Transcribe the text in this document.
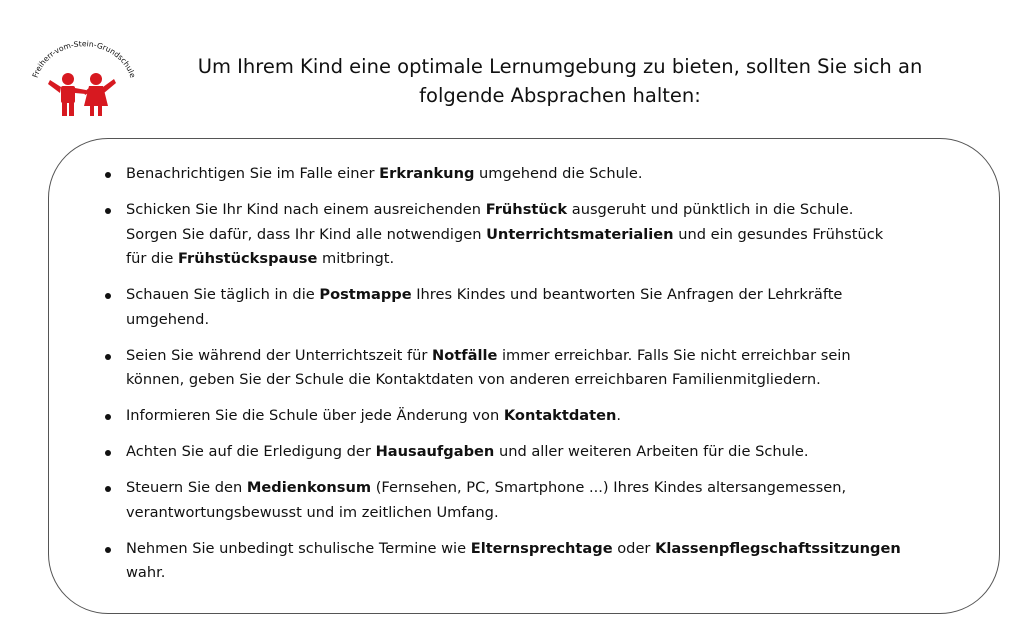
Freiherr-vom-Stein-Grundschule	Um Ihrem Kind eine optimale Lernumgebung zu bieten, sollten Sie sich an
folgende Absprachen halten:
Benachrichtigen Sie im Falle einer Erkrankung umgehend die Schule.
Schicken Sie Ihr Kind nach einem ausreichenden Frühstück ausgeruht und pünktlich in die Schule.
Sorgen Sie dafür, dass Ihr Kind alle notwendigen Unterrichtsmaterialien und ein gesundes Frühstück
für die Frühstückspause mitbringt.
Schauen Sie täglich in die Postmappe Ihres Kindes und beantworten Sie Anfragen der Lehrkräfte
umgehend.
Seien Sie während der Unterrichtszeit für Notfälle immer erreichbar. Falls Sie nicht erreichbar sein
können, geben Sie der Schule die Kontaktdaten von anderen erreichbaren Familienmitgliedern.
Informieren Sie die Schule über jede Änderung von Kontaktdaten.
Achten Sie auf die Erledigung der Hausaufgaben und aller weiteren Arbeiten für die Schule.
Steuern Sie den Medienkonsum (Fernsehen, PC, Smartphone ...) Ihres Kindes altersangemessen,
verantwortungsbewusst und im zeitlichen Umfang.
Nehmen Sie unbedingt schulische Termine wie Elternsprechtage oder Klassenpflegschaftssitzungen
wahr.
